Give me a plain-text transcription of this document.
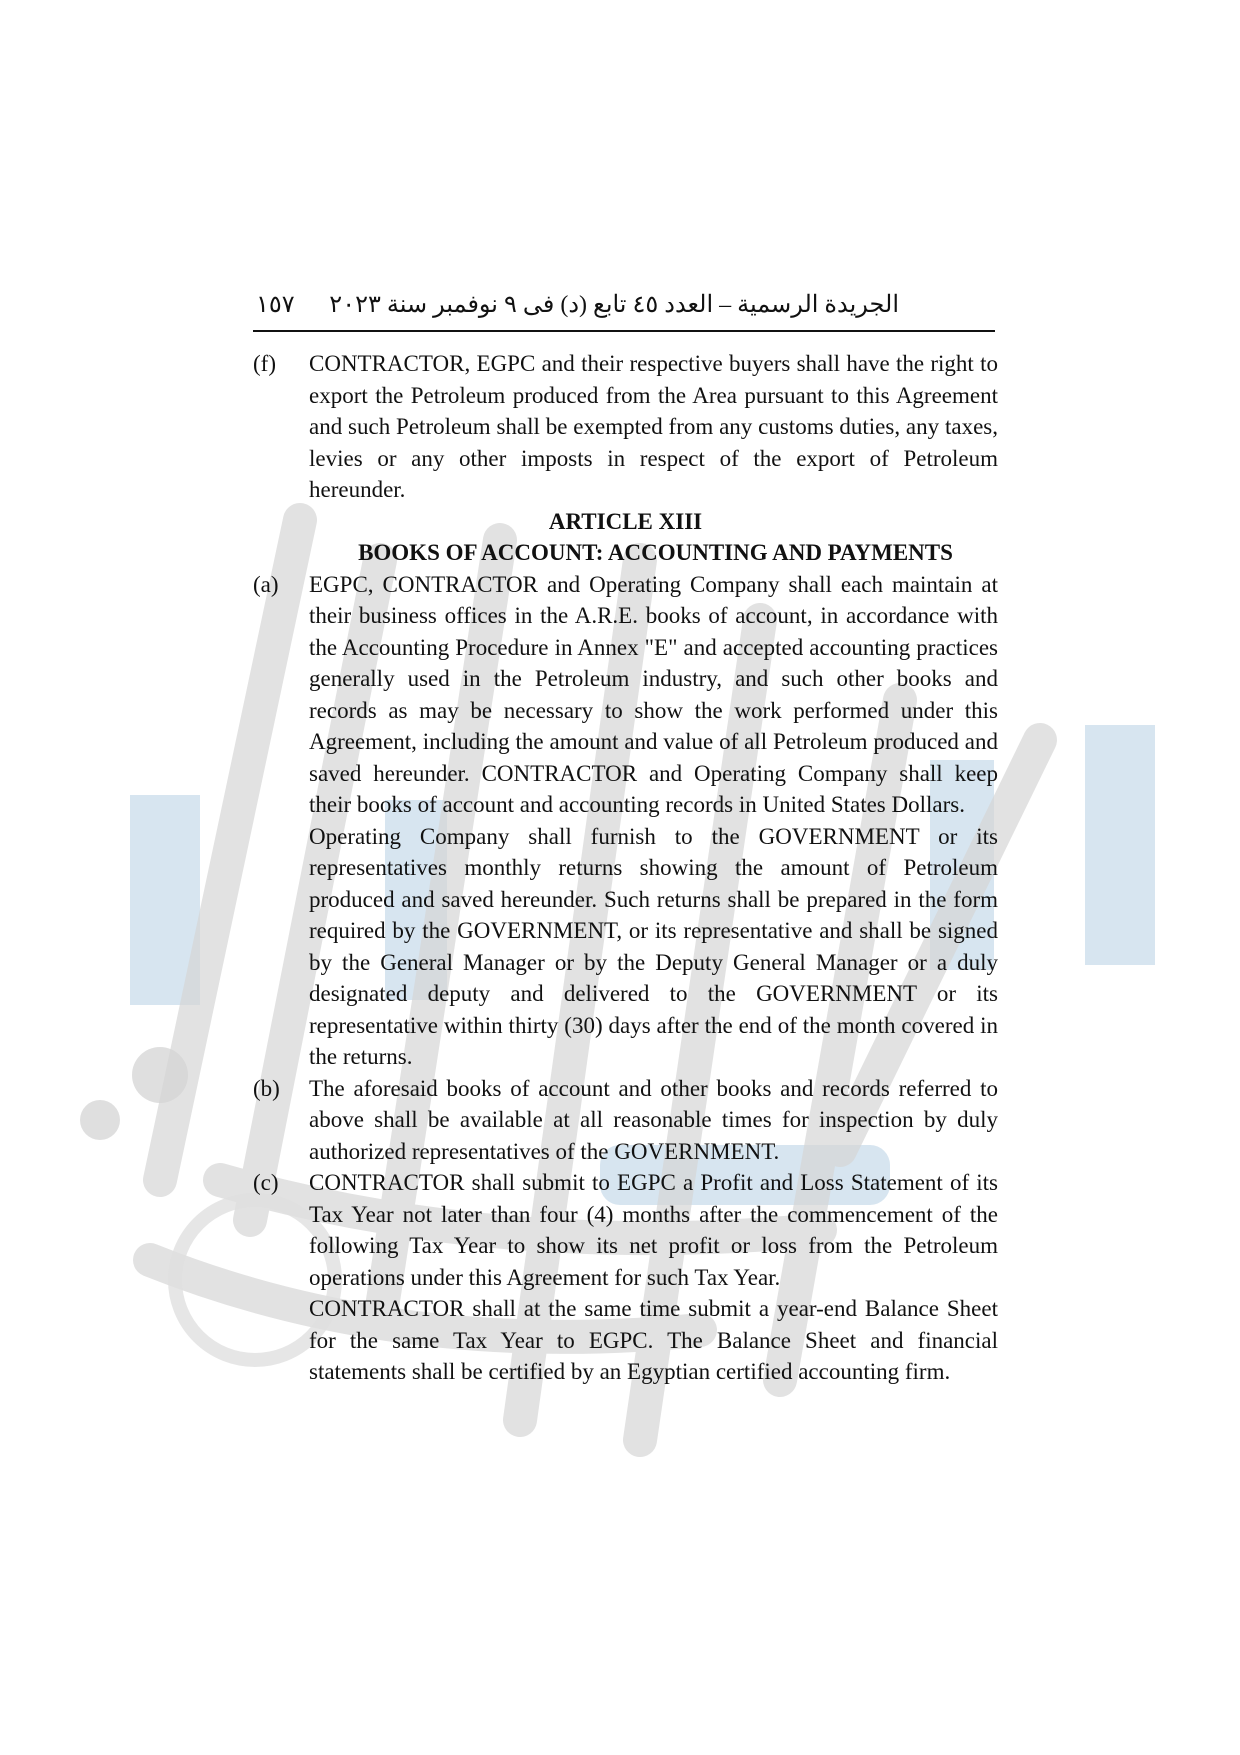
١٥٧ الجريدة الرسمية – العدد ٤٥ تابع (د) فى ٩ نوفمبر سنة ٢٠٢٣
(f)	CONTRACTOR, EGPC and their respective buyers shall have the right to export the Petroleum produced from the Area pursuant to this Agreement and such Petroleum shall be exempted from any customs duties, any taxes, levies or any other imposts in respect of the export of Petroleum hereunder.

ARTICLE XIII

BOOKS OF ACCOUNT: ACCOUNTING AND PAYMENTS

(a)	EGPC, CONTRACTOR and Operating Company shall each maintain at their business offices in the A.R.E. books of account, in accordance with the Accounting Procedure in Annex "E" and accepted accounting practices generally used in the Petroleum industry, and such other books and records as may be necessary to show the work performed under this Agreement, including the amount and value of all Petroleum produced and saved hereunder. CONTRACTOR and Operating Company shall keep their books of account and accounting records in United States Dollars.

Operating Company shall furnish to the GOVERNMENT or its representatives monthly returns showing the amount of Petroleum produced and saved hereunder. Such returns shall be prepared in the form required by the GOVERNMENT, or its representative and shall be signed by the General Manager or by the Deputy General Manager or a duly designated deputy and delivered to the GOVERNMENT or its representative within thirty (30) days after the end of the month covered in the returns.

(b)	The aforesaid books of account and other books and records referred to above shall be available at all reasonable times for inspection by duly authorized representatives of the GOVERNMENT.

(c)	CONTRACTOR shall submit to EGPC a Profit and Loss Statement of its Tax Year not later than four (4) months after the commencement of the following Tax Year to show its net profit or loss from the Petroleum operations under this Agreement for such Tax Year.

CONTRACTOR shall at the same time submit a year-end Balance Sheet for the same Tax Year to EGPC. The Balance Sheet and financial statements shall be certified by an Egyptian certified accounting firm.
